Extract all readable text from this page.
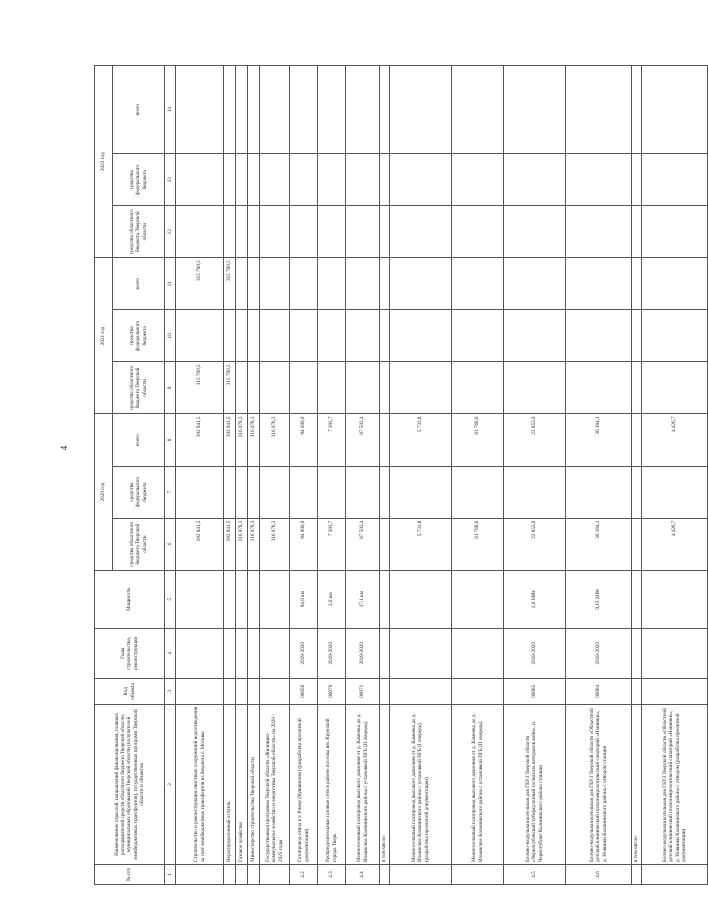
4
№ п/п	Наименование отраслей, направлений финансирования, главных распорядителей средств областного бюджета Тверской области, муниципальных образований Тверской области (получателей межбюджетных трансфертов), государственных программ Тверской области и объектов	Код объекта	Годы строительства, реконструкции	Мощность	2020 год			2021 год			2022 год		
					средства областного бюджета Тверской области	средства федерального бюджета	всего	средства областного бюджета Тверской области	средства федерального бюджета	всего	средства областного бюджета Тверской области	средства федерального бюджета	всего
1	2	3	4	5	6	7	8	9	10	11	12	13	14
	Строительство и реконструкция очистных сооружений водоотведения за счет межбюджетных трансфертов из бюджета г. Москвы				192 941,5		192 941,5	315 780,5		315 780,5			
	Нераспределенный остаток				192 941,5		192 941,5	315 780,5		315 780,5			
	Газовое хозяйство				316 078,3		316 078,3						
	Министерство строительства Тверской области				316 078,3		316 078,3						
	Государственная программа Тверской области «Жилищно-коммунальное хозяйство и энергетика Тверской области» на 2020 - 2025 годы				316 078,3		316 078,3						
4.2	Газопровод-отвод к г. Ржеву (Кувшиново) (разработка проектной документации)	00058	2019-2020	94,0 км	94 000,0		94 000,0						
4.3	Распределительные газовые сети в районе поселка им. Крупской города Тверь	00070	2019-2020	2,0 км	7 393,7		7 393,7						
4.4	Межпоселковый газопровод высокого давления от д. Каменка до д. Ильинское Калининского района с установкой ПГБ (II очередь)	00071	2019-2020	17,1 км	87 502,4		87 502,4						
	в том числе:												
	Межпоселковый газопровод высокого давления от д. Каменка до д. Ильинское Калининского района с установкой ПГБ (I очередь) (разработка проектной документации)				5 733,8		5 733,8						
	Межпоселковый газопровод высокого давления от д. Каменка до д. Ильинское Калининского района с установкой ПГБ (II очередь)				81 768,6		81 768,6						
4.5	Блочно-модульная котельная для ГБУЗ Тверской области «Черногубовский туберкулезный госпиталь ветеранов войн», п. Черногубово Калининского района станции	00085	2019-2020	2,0 МВт	22 853,0		22 853,0						
4.6	Блочно-модульная котельная для ГБУЗ Тверской области «Областной детский клинический психоневрологический санаторий «Новинки», д. Новинки Калининского района с отводом станции	00084	2019-2020	0,15 МВт	30 184,1		30 184,1						
	в том числе:												
	Блочно-модульная котельная для ГБУЗ Тверской области «Областной детский клинический психоневрологический санаторий «Новинки», д. Новинки Калининского района с отводом (разработка проектной документации)				4 426,7		4 426,7						
